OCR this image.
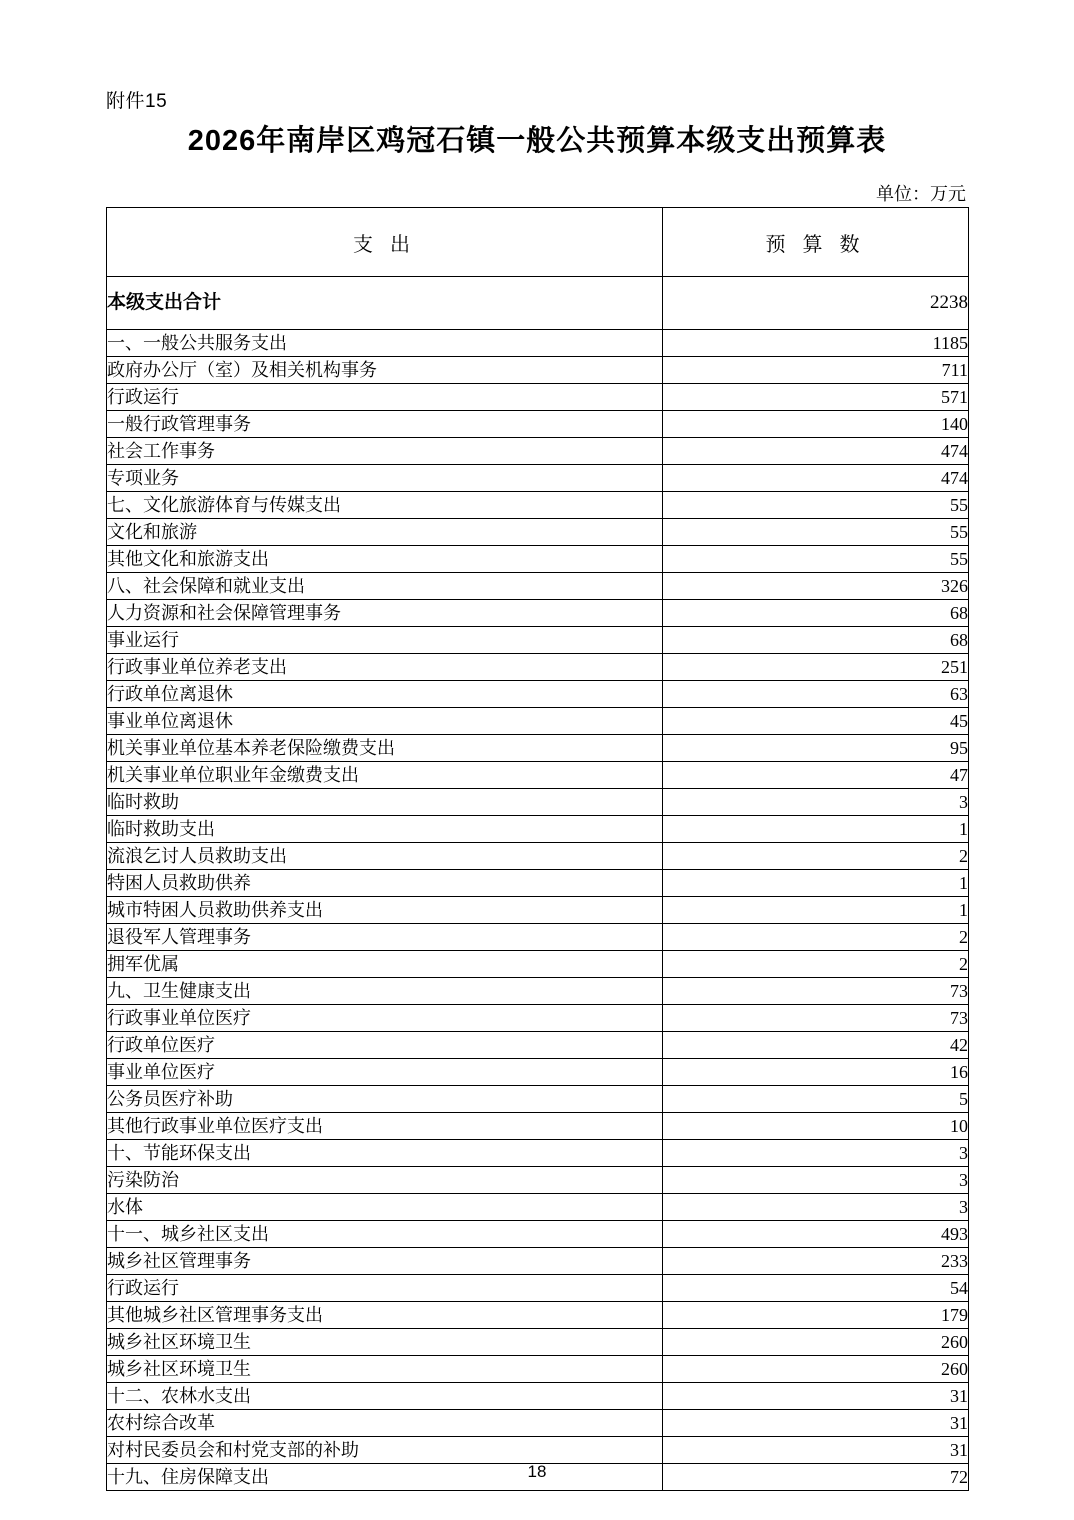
附件15
2026年南岸区鸡冠石镇一般公共预算本级支出预算表
单位：万元
支 出	预 算 数
本级支出合计	2238
一、一般公共服务支出	1185
政府办公厅（室）及相关机构事务	711
行政运行	571
一般行政管理事务	140
社会工作事务	474
专项业务	474
七、文化旅游体育与传媒支出	55
文化和旅游	55
其他文化和旅游支出	55
八、社会保障和就业支出	326
人力资源和社会保障管理事务	68
事业运行	68
行政事业单位养老支出	251
行政单位离退休	63
事业单位离退休	45
机关事业单位基本养老保险缴费支出	95
机关事业单位职业年金缴费支出	47
临时救助	3
临时救助支出	1
流浪乞讨人员救助支出	2
特困人员救助供养	1
城市特困人员救助供养支出	1
退役军人管理事务	2
拥军优属	2
九、卫生健康支出	73
行政事业单位医疗	73
行政单位医疗	42
事业单位医疗	16
公务员医疗补助	5
其他行政事业单位医疗支出	10
十、节能环保支出	3
污染防治	3
水体	3
十一、城乡社区支出	493
城乡社区管理事务	233
行政运行	54
其他城乡社区管理事务支出	179
城乡社区环境卫生	260
城乡社区环境卫生	260
十二、农林水支出	31
农村综合改革	31
对村民委员会和村党支部的补助	31
十九、住房保障支出	72
18
